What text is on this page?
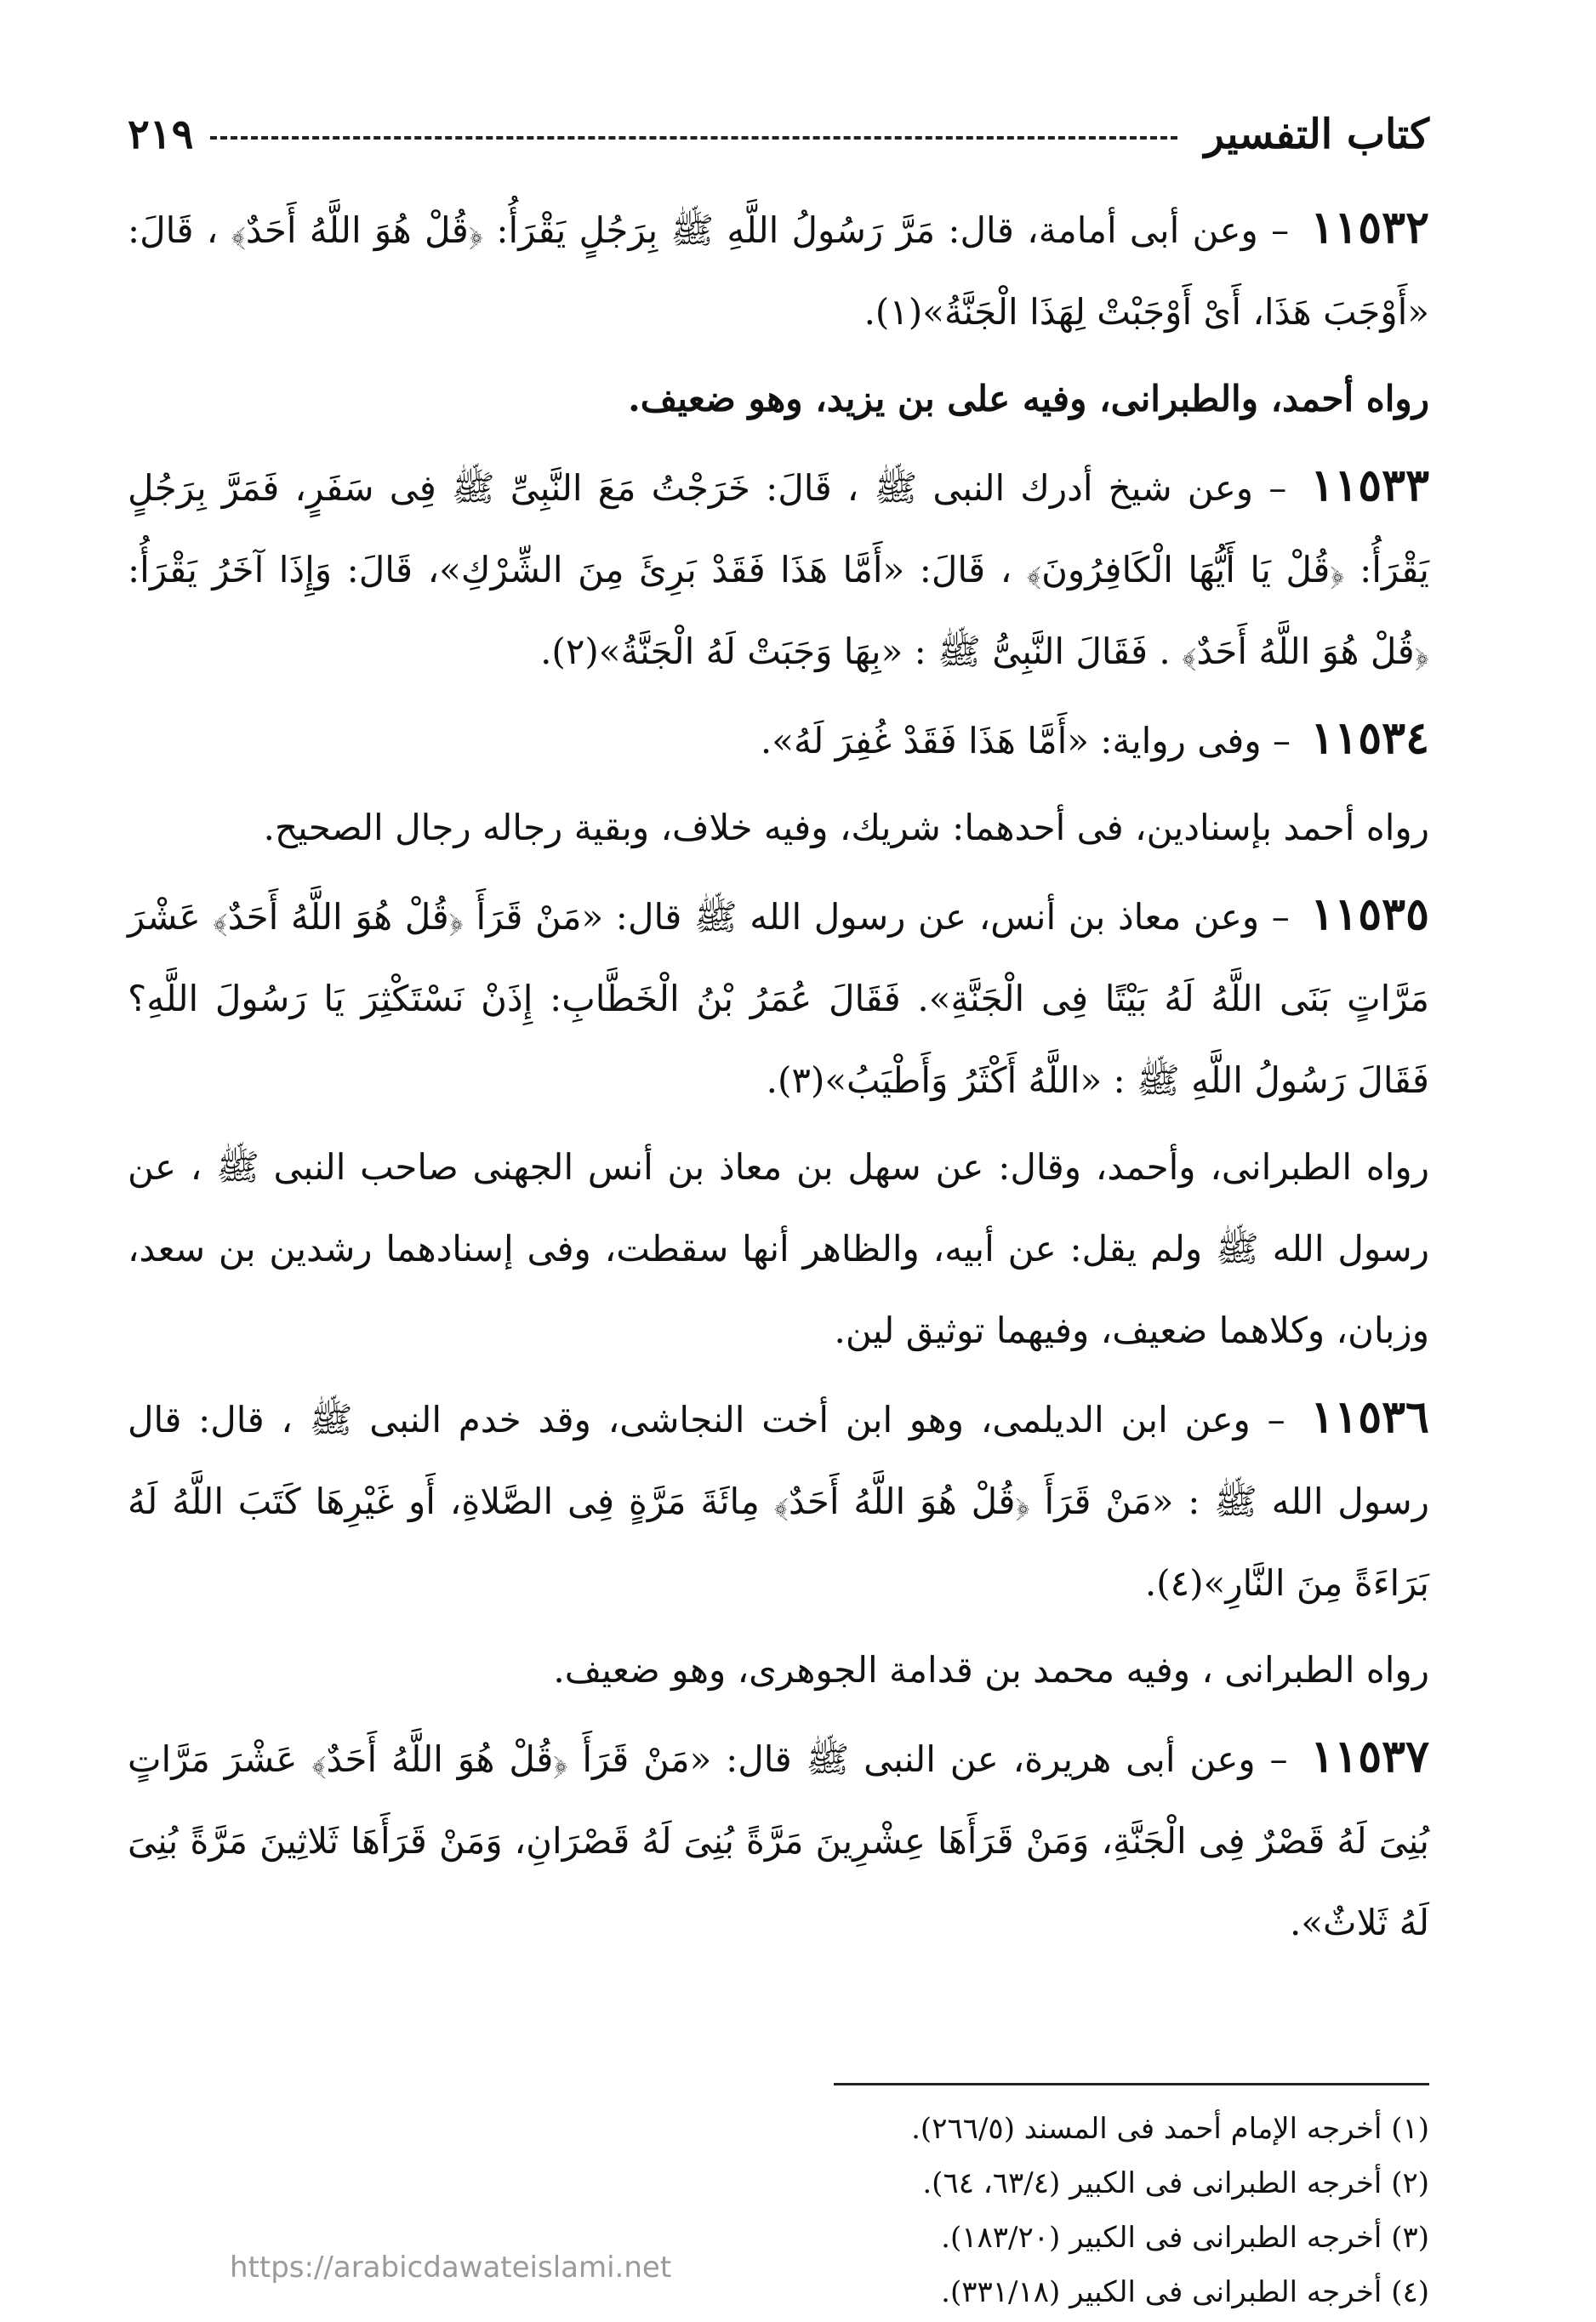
كتاب التفسير
٢١٩

١١٥٣٢ – وعن أبى أمامة، قال: مَرَّ رَسُولُ اللَّهِ ﷺ بِرَجُلٍ يَقْرَأُ: ﴿قُلْ هُوَ اللَّهُ أَحَدٌ﴾ ، قَالَ: «أَوْجَبَ هَذَا، أَىْ أَوْجَبْتْ لِهَذَا الْجَنَّةُ»(١).

رواه أحمد، والطبرانى، وفيه على بن يزيد، وهو ضعيف.

١١٥٣٣ – وعن شيخ أدرك النبى ﷺ ، قَالَ: خَرَجْتُ مَعَ النَّبِىِّ ﷺ فِى سَفَرٍ، فَمَرَّ بِرَجُلٍ يَقْرَأُ: ﴿قُلْ يَا أَيُّهَا الْكَافِرُونَ﴾ ، قَالَ: «أَمَّا هَذَا فَقَدْ بَرِئَ مِنَ الشِّرْكِ»، قَالَ: وَإِذَا آخَرُ يَقْرَأُ: ﴿قُلْ هُوَ اللَّهُ أَحَدٌ﴾ . فَقَالَ النَّبِىُّ ﷺ : «بِهَا وَجَبَتْ لَهُ الْجَنَّةُ»(٢).

١١٥٣٤ – وفى رواية: «أَمَّا هَذَا فَقَدْ غُفِرَ لَهُ».

رواه أحمد بإسنادين، فى أحدهما: شريك، وفيه خلاف، وبقية رجاله رجال الصحيح.

١١٥٣٥ – وعن معاذ بن أنس، عن رسول الله ﷺ قال: «مَنْ قَرَأَ ﴿قُلْ هُوَ اللَّهُ أَحَدٌ﴾ عَشْرَ مَرَّاتٍ بَنَى اللَّهُ لَهُ بَيْتًا فِى الْجَنَّةِ». فَقَالَ عُمَرُ بْنُ الْخَطَّابِ: إِذَنْ نَسْتَكْثِرَ يَا رَسُولَ اللَّهِ؟ فَقَالَ رَسُولُ اللَّهِ ﷺ : «اللَّهُ أَكْثَرُ وَأَطْيَبُ»(٣).

رواه الطبرانى، وأحمد، وقال: عن سهل بن معاذ بن أنس الجهنى صاحب النبى ﷺ ، عن رسول الله ﷺ ولم يقل: عن أبيه، والظاهر أنها سقطت، وفى إسنادهما رشدين بن سعد، وزبان، وكلاهما ضعيف، وفيهما توثيق لين.

١١٥٣٦ – وعن ابن الديلمى، وهو ابن أخت النجاشى، وقد خدم النبى ﷺ ، قال: قال رسول الله ﷺ : «مَنْ قَرَأَ ﴿قُلْ هُوَ اللَّهُ أَحَدٌ﴾ مِائَةَ مَرَّةٍ فِى الصَّلاةِ، أَو غَيْرِهَا كَتَبَ اللَّهُ لَهُ بَرَاءَةً مِنَ النَّارِ»(٤).

رواه الطبرانى ، وفيه محمد بن قدامة الجوهرى، وهو ضعيف.

١١٥٣٧ – وعن أبى هريرة، عن النبى ﷺ قال: «مَنْ قَرَأَ ﴿قُلْ هُوَ اللَّهُ أَحَدٌ﴾ عَشْرَ مَرَّاتٍ بُنِىَ لَهُ قَصْرٌ فِى الْجَنَّةِ، وَمَنْ قَرَأَهَا عِشْرِينَ مَرَّةً بُنِىَ لَهُ قَصْرَانِ، وَمَنْ قَرَأَهَا ثَلاثِينَ مَرَّةً بُنِىَ لَهُ ثَلاثٌ».

(١) أخرجه الإمام أحمد فى المسند (٢٦٦/٥).
(٢) أخرجه الطبرانى فى الكبير (٦٣/٤، ٦٤).
(٣) أخرجه الطبرانى فى الكبير (١٨٣/٢٠).
(٤) أخرجه الطبرانى فى الكبير (٣٣١/١٨).
https://arabicdawateislami.net
